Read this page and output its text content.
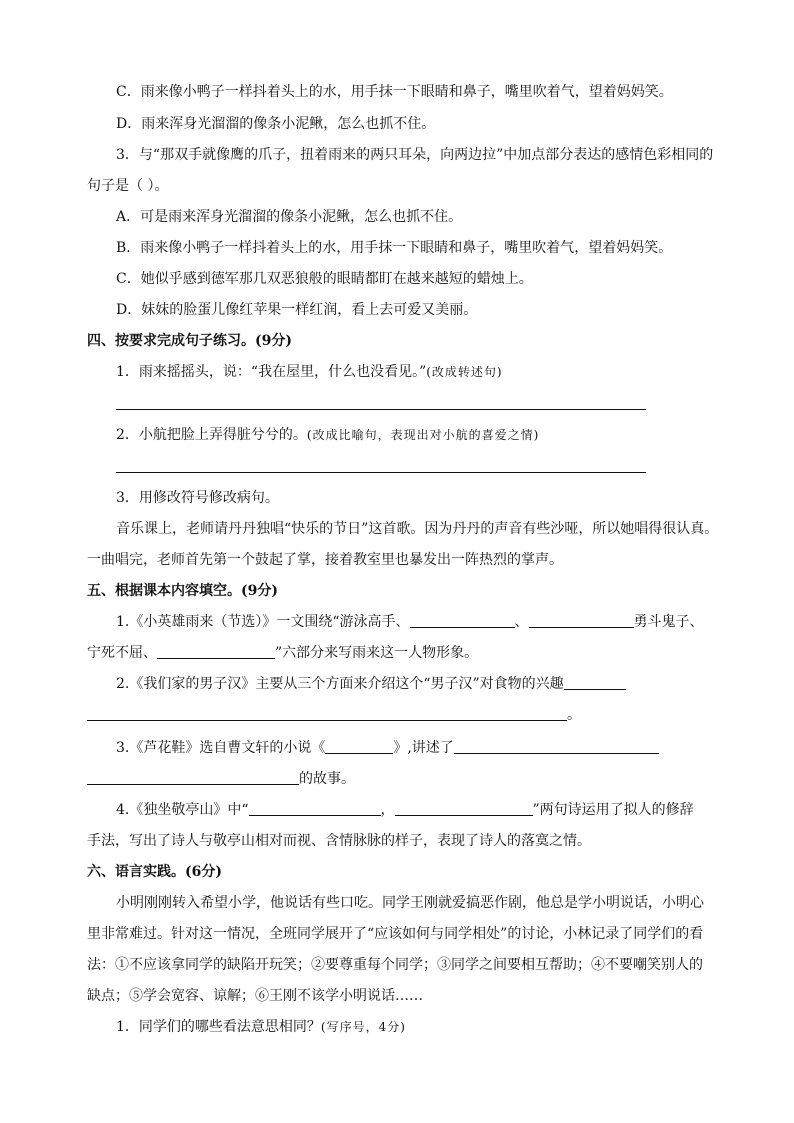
C．雨来像小鸭子一样抖着头上的水，用手抹一下眼睛和鼻子，嘴里吹着气，望着妈妈笑。
D．雨来浑身光溜溜的像条小泥鳅，怎么也抓不住。
3．与“那双手就像鹰的爪子，扭着雨来的两只耳朵，向两边拉”中加点部分表达的感情色彩相同的
句子是（ ）。
A．可是雨来浑身光溜溜的像条小泥鳅，怎么也抓不住。
B．雨来像小鸭子一样抖着头上的水，用手抹一下眼睛和鼻子，嘴里吹着气，望着妈妈笑。
C．她似乎感到德军那几双恶狼般的眼睛都盯在越来越短的蜡烛上。
D．妹妹的脸蛋儿像红苹果一样红润，看上去可爱又美丽。
四、按要求完成句子练习。(9分)
1．雨来摇摇头，说：“我在屋里，什么也没看见。”(改成转述句)
2．小航把脸上弄得脏兮兮的。(改成比喻句，表现出对小航的喜爱之情)
3．用修改符号修改病句。
音乐课上，老师请丹丹独唱“快乐的节日”这首歌。因为丹丹的声音有些沙哑，所以她唱得很认真。
一曲唱完，老师首先第一个鼓起了掌，接着教室里也暴发出一阵热烈的掌声。
五、根据课本内容填空。(9分)
1.《小英雄雨来（节选）》一文围绕“游泳高手、	、	勇斗鬼子、
宁死不屈、	”六部分来写雨来这一人物形象。
2.《我们家的男子汉》主要从三个方面来介绍这个“男子汉”对食物的兴趣
。
3.《芦花鞋》选自曹文轩的小说《	》,讲述了
的故事。
4.《独坐敬亭山》中“	，	”两句诗运用了拟人的修辞
手法，写出了诗人与敬亭山相对而视、含情脉脉的样子，表现了诗人的落寞之情。
六、语言实践。(6分)
小明刚刚转入希望小学，他说话有些口吃。同学王刚就爱搞恶作剧，他总是学小明说话，小明心
里非常难过。针对这一情况，全班同学展开了“应该如何与同学相处”的讨论，小林记录了同学们的看
法：①不应该拿同学的缺陷开玩笑；②要尊重每个同学；③同学之间要相互帮助；④不要嘲笑别人的
缺点；⑤学会宽容、谅解；⑥王刚不该学小明说话……
1．同学们的哪些看法意思相同？(写序号，4分)
